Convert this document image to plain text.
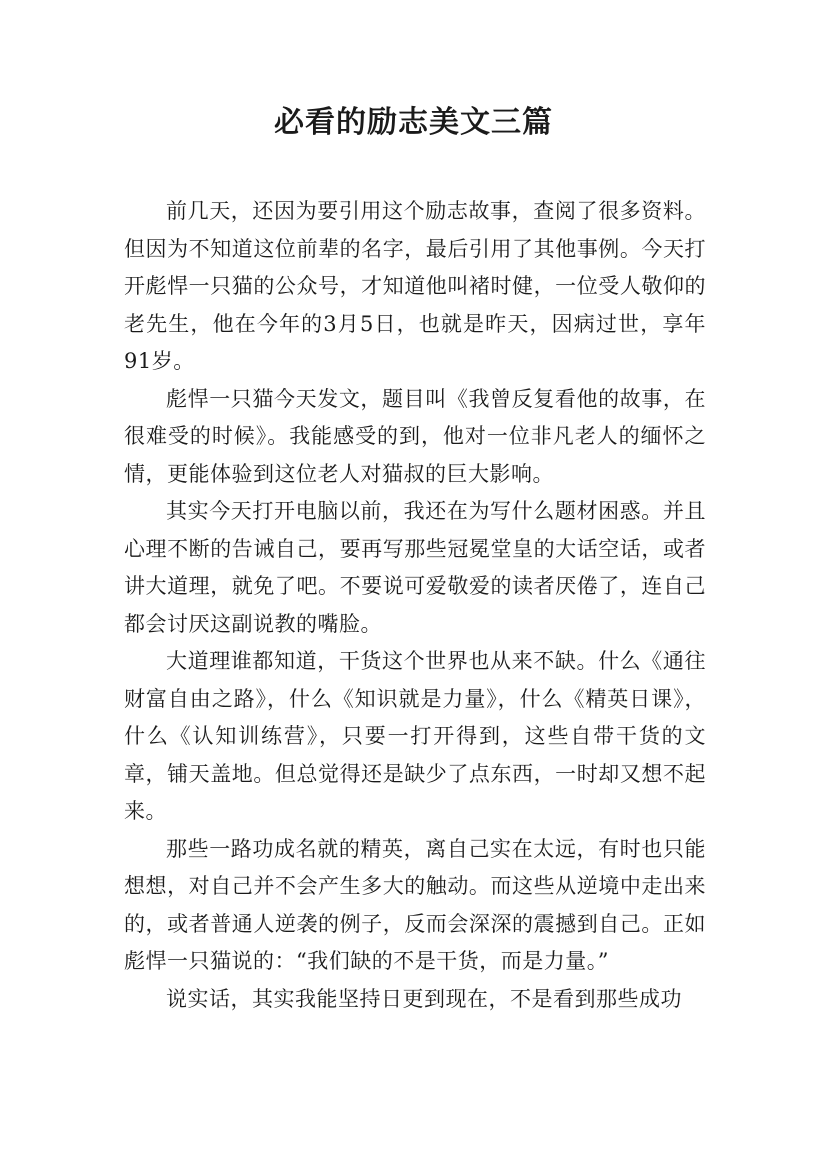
必看的励志美文三篇

前几天，还因为要引用这个励志故事，查阅了很多资料。但因为不知道这位前辈的名字，最后引用了其他事例。今天打开彪悍一只猫的公众号，才知道他叫褚时健，一位受人敬仰的老先生，他在今年的3月5日，也就是昨天，因病过世，享年91岁。

彪悍一只猫今天发文，题目叫《我曾反复看他的故事，在很难受的时候》。我能感受的到，他对一位非凡老人的缅怀之情，更能体验到这位老人对猫叔的巨大影响。

其实今天打开电脑以前，我还在为写什么题材困惑。并且心理不断的告诫自己，要再写那些冠冕堂皇的大话空话，或者讲大道理，就免了吧。不要说可爱敬爱的读者厌倦了，连自己都会讨厌这副说教的嘴脸。

大道理谁都知道，干货这个世界也从来不缺。什么《通往财富自由之路》，什么《知识就是力量》，什么《精英日课》，什么《认知训练营》，只要一打开得到，这些自带干货的文章，铺天盖地。但总觉得还是缺少了点东西，一时却又想不起来。

那些一路功成名就的精英，离自己实在太远，有时也只能想想，对自己并不会产生多大的触动。而这些从逆境中走出来的，或者普通人逆袭的例子，反而会深深的震撼到自己。正如彪悍一只猫说的：“我们缺的不是干货，而是力量。”

说实话，其实我能坚持日更到现在，不是看到那些成功
